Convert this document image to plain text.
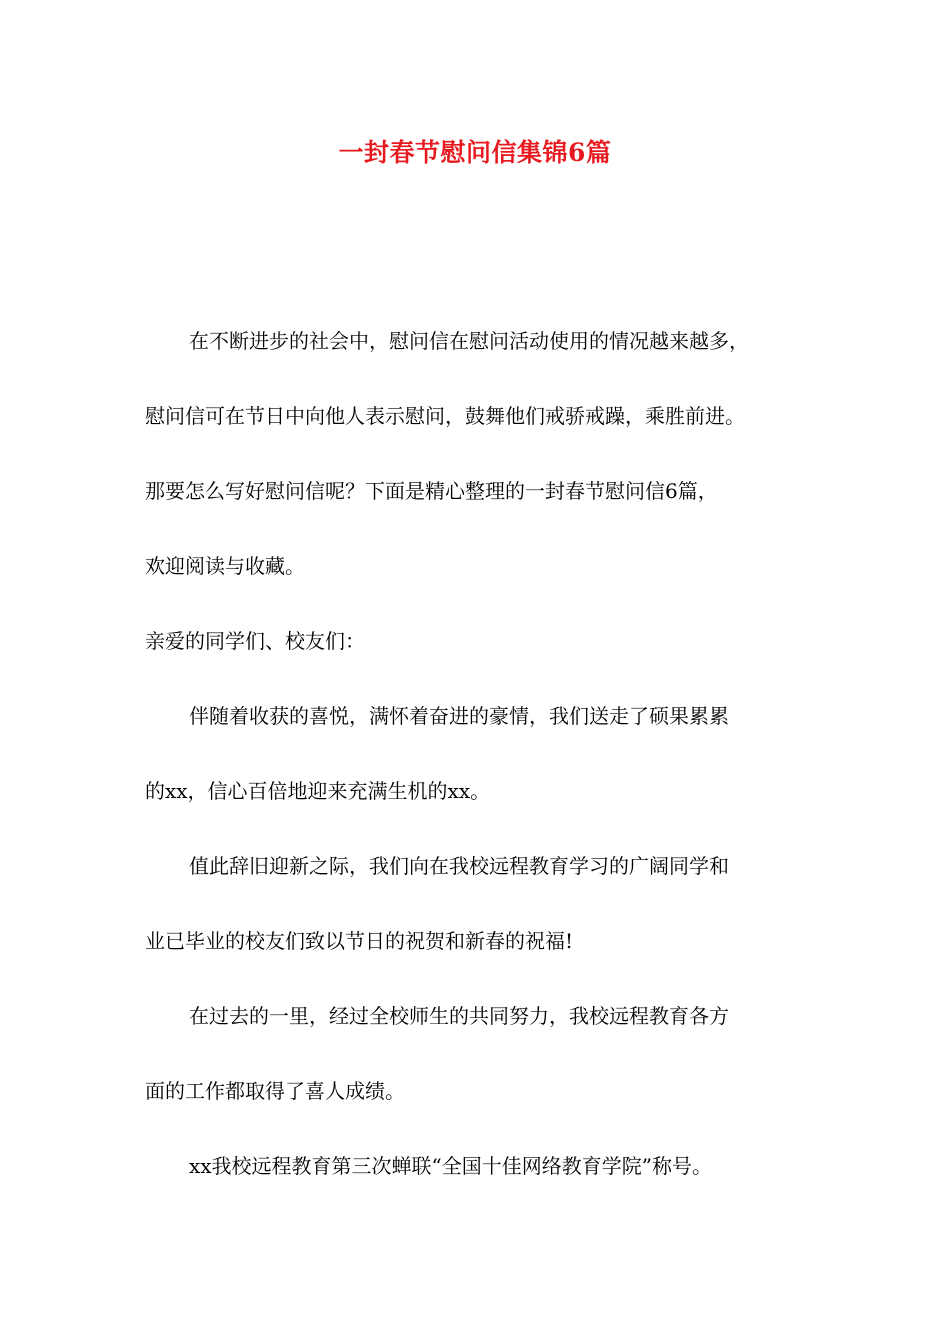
一封春节慰问信集锦6篇
在不断进步的社会中，慰问信在慰问活动使用的情况越来越多，
慰问信可在节日中向他人表示慰问，鼓舞他们戒骄戒躁，乘胜前进。
那要怎么写好慰问信呢？下面是精心整理的一封春节慰问信6篇，
欢迎阅读与收藏。
亲爱的同学们、校友们：
伴随着收获的喜悦，满怀着奋进的豪情，我们送走了硕果累累
的xx，信心百倍地迎来充满生机的xx。
值此辞旧迎新之际，我们向在我校远程教育学习的广阔同学和
业已毕业的校友们致以节日的祝贺和新春的祝福!
在过去的一里，经过全校师生的共同努力，我校远程教育各方
面的工作都取得了喜人成绩。
xx我校远程教育第三次蝉联“全国十佳网络教育学院”称号。
